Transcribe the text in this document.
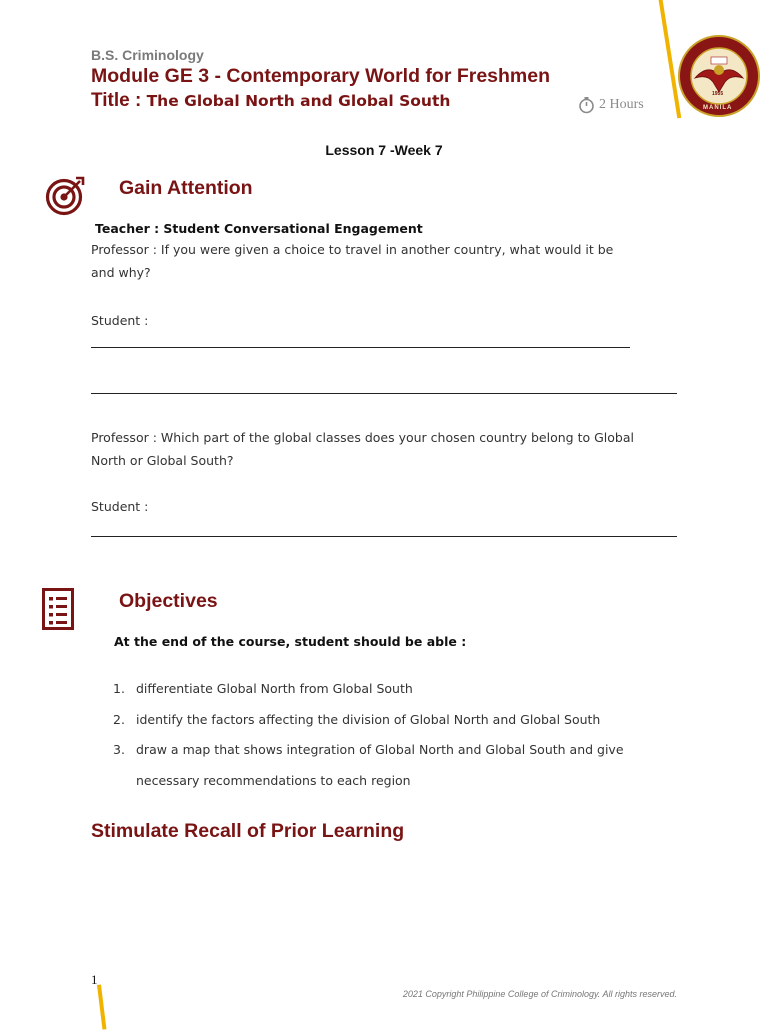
B.S. Criminology
Module GE 3 - Contemporary World for Freshmen
Title : The Global North and Global South	2 Hours
1955
MANILA
Lesson 7 -Week 7
Gain Attention
Teacher : Student Conversational Engagement
Professor : If you were given a choice to travel in another country, what would it be
and why?
Student :
Professor : Which part of the global classes does your chosen country belong to Global
North or Global South?
Student :
Objectives
At the end of the course, student should be able :
1. differentiate Global North from Global South
2. identify the factors affecting the division of Global North and Global South
3. draw a map that shows integration of Global North and Global South and give
necessary recommendations to each region
Stimulate Recall of Prior Learning
1
2021 Copyright Philippine College of Criminology. All rights reserved.
